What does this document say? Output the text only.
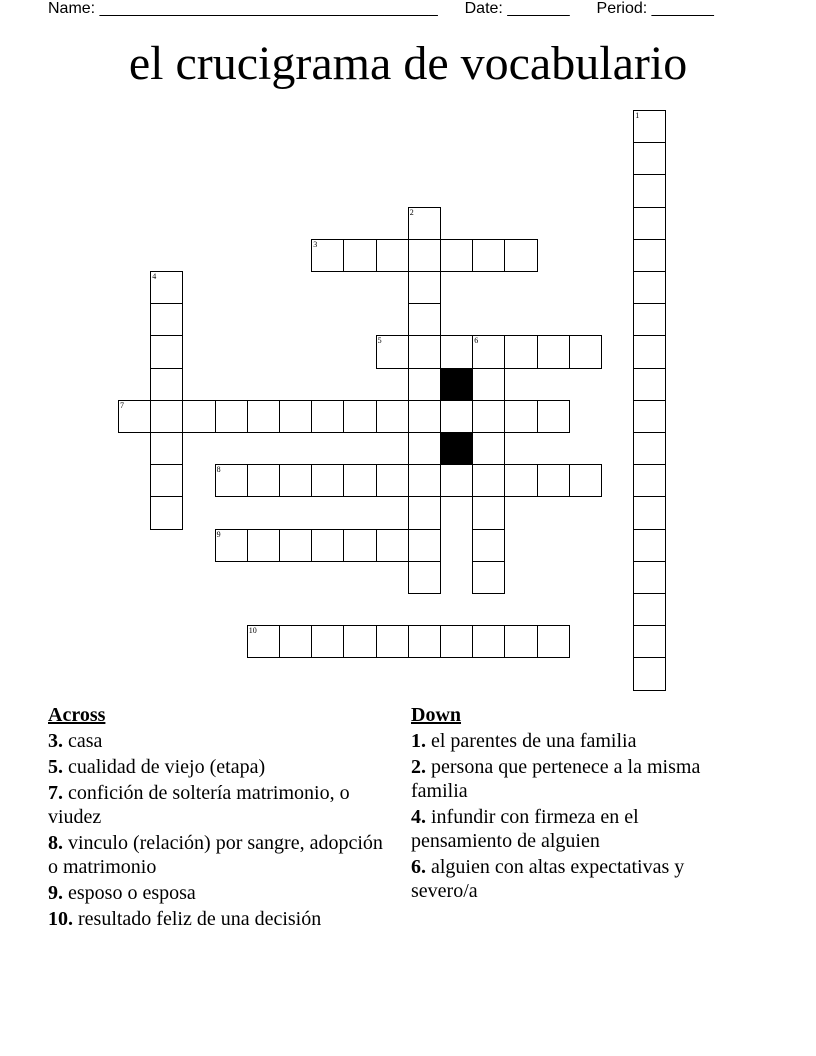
Name: ______________________________________ Date: _______ Period: _______
el crucigrama de vocabulario
1
2
3
4
5	6
7
8
9
10
Across
3. casa
5. cualidad de viejo (etapa)
7. confición de soltería matrimonio, o viudez
8. vinculo (relación) por sangre, adopción o matrimonio
9. esposo o esposa
10. resultado feliz de una decisión
Down
1. el parentes de una familia
2. persona que pertenece a la misma familia
4. infundir con firmeza en el pensamiento de alguien
6. alguien con altas expectativas y severo/a
